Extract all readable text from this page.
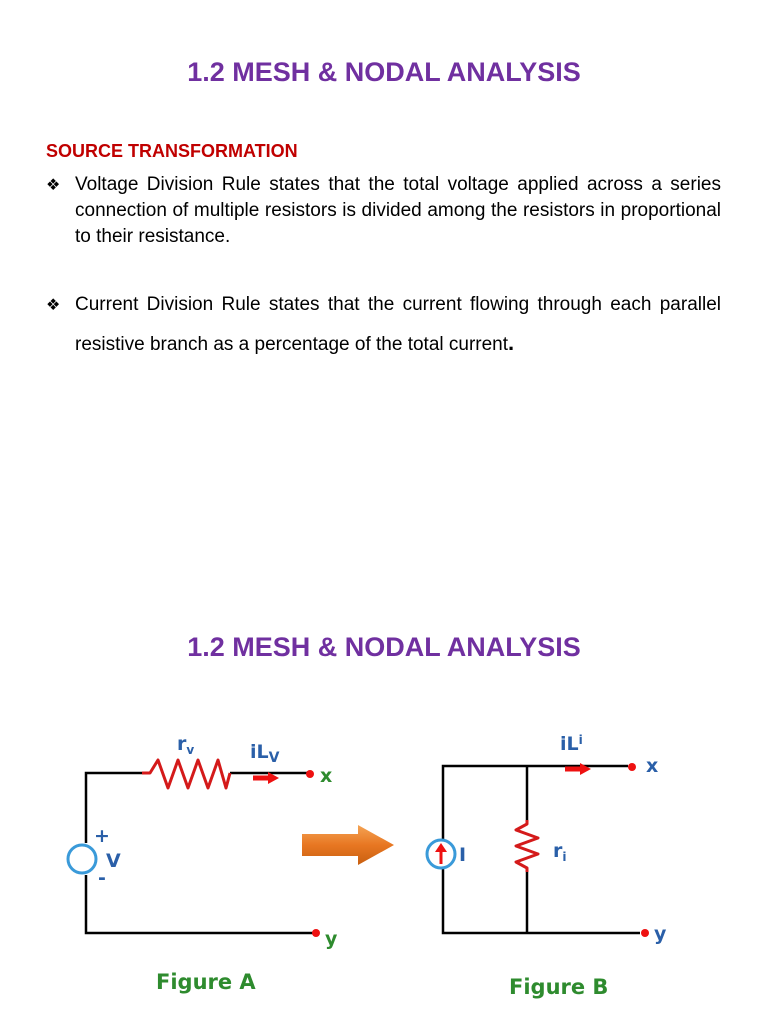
1.2 MESH & NODAL ANALYSIS
SOURCE TRANSFORMATION
❖ Voltage Division Rule states that the total voltage applied across a series connection of multiple resistors is divided among the resistors in proportional to their resistance.
❖ Current Division Rule states that the current flowing through each parallel resistive branch as a percentage of the total current.
1.2 MESH & NODAL ANALYSIS
$r_v$	$iL_V$
x
y
+
-
V
Figure A
$r_i$
$iL^i$
x
y
I
Figure B
